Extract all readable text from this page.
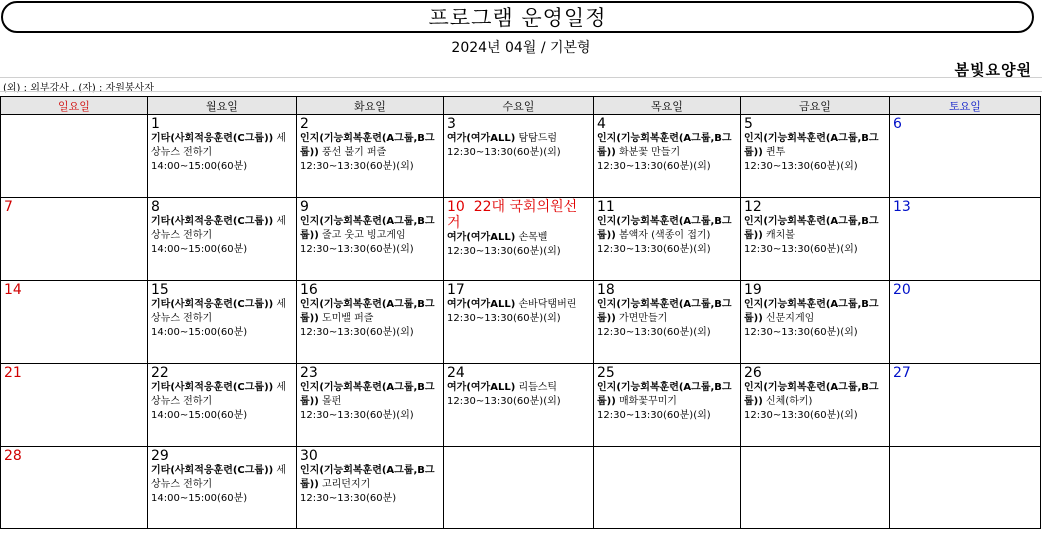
프로그램 운영일정
2024년 04월 / 기본형
봄빛요양원
(외) : 외부강사 , (자) : 자원봉사자
일요일	월요일	화요일	수요일	목요일	금요일	토요일

	1
기타(사회적응훈련(C그룹)) 세상뉴스 전하기
14:00~15:00(60분)	2
인지(기능회복훈련(A그룹,B그룹)) 풍선 불기 퍼즐
12:30~13:30(60분)(외)	3
여가(여가ALL) 탐탐드럼
12:30~13:30(60분)(외)	4
인지(기능회복훈련(A그룹,B그룹)) 화분꽃 만들기
12:30~13:30(60분)(외)	5
인지(기능회복훈련(A그룹,B그룹)) 퀸투
12:30~13:30(60분)(외)	6

7	8
기타(사회적응훈련(C그룹)) 세상뉴스 전하기
14:00~15:00(60분)	9
인지(기능회복훈련(A그룹,B그룹)) 줄고 웃고 빙고게임
12:30~13:30(60분)(외)	10 22대 국회의원선거
여가(여가ALL) 손목벨
12:30~13:30(60분)(외)	11
인지(기능회복훈련(A그룹,B그룹)) 봄액자 (색종이 접기)
12:30~13:30(60분)(외)	12
인지(기능회복훈련(A그룹,B그룹)) 캐치볼
12:30~13:30(60분)(외)	13

14	15
기타(사회적응훈련(C그룹)) 세상뉴스 전하기
14:00~15:00(60분)	16
인지(기능회복훈련(A그룹,B그룹)) 도미밸 퍼즐
12:30~13:30(60분)(외)	17
여가(여가ALL) 손바닥탬버린
12:30~13:30(60분)(외)	18
인지(기능회복훈련(A그룹,B그룹)) 가면만들기
12:30~13:30(60분)(외)	19
인지(기능회복훈련(A그룹,B그룹)) 신문지게임
12:30~13:30(60분)(외)	20

21	22
기타(사회적응훈련(C그룹)) 세상뉴스 전하기
14:00~15:00(60분)	23
인지(기능회복훈련(A그룹,B그룹)) 몰펀
12:30~13:30(60분)(외)	24
여가(여가ALL) 리듬스틱
12:30~13:30(60분)(외)	25
인지(기능회복훈련(A그룹,B그룹)) 매화꽃꾸미기
12:30~13:30(60분)(외)	26
인지(기능회복훈련(A그룹,B그룹)) 신체(하키)
12:30~13:30(60분)(외)	27

28	29
기타(사회적응훈련(C그룹)) 세상뉴스 전하기
14:00~15:00(60분)	30
인지(기능회복훈련(A그룹,B그룹)) 고리던지기
12:30~13:30(60분)				
